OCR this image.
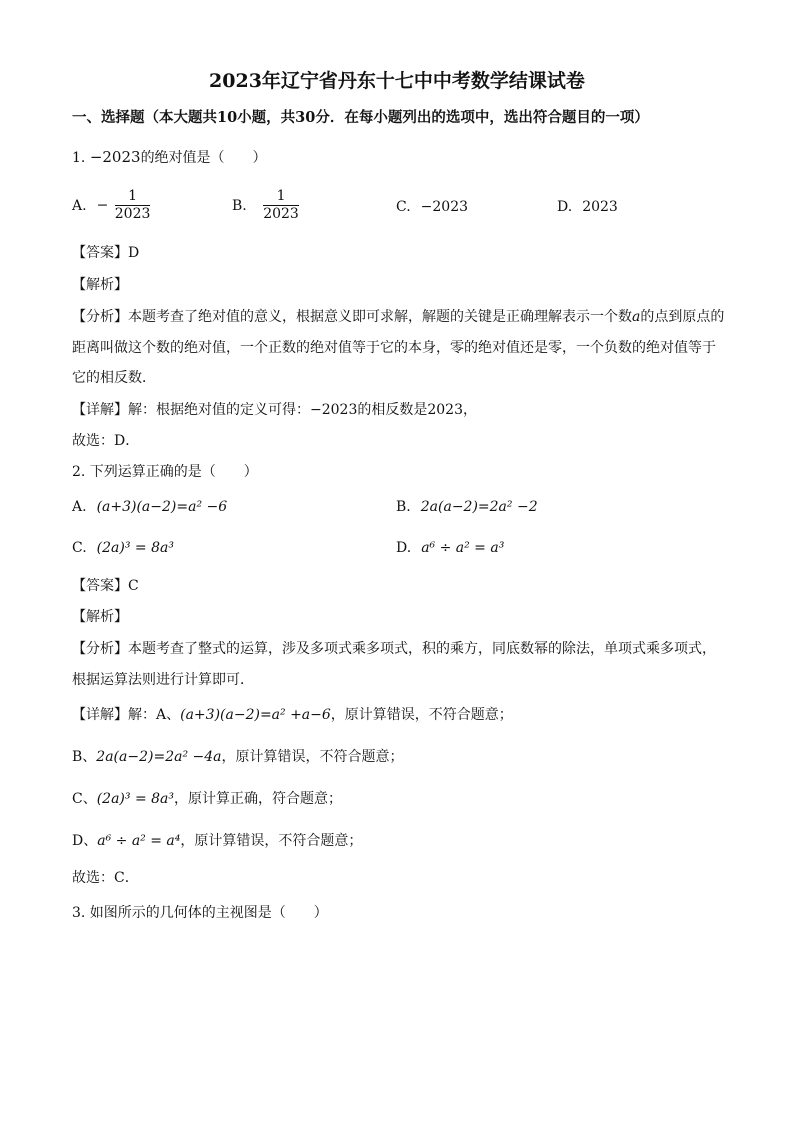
2023年辽宁省丹东十七中中考数学结课试卷
一、选择题（本大题共10小题，共30分．在每小题列出的选项中，选出符合题目的一项）
1. −2023的绝对值是（　　）
A. − $\frac{1}{2023}$	B. $\frac{1}{2023}$	C. −2023	D. 2023
【答案】D
【解析】
【分析】本题考查了绝对值的意义，根据意义即可求解，解题的关键是正确理解表示一个数a的点到原点的
距离叫做这个数的绝对值，一个正数的绝对值等于它的本身，零的绝对值还是零，一个负数的绝对值等于
它的相反数．
【详解】解：根据绝对值的定义可得：−2023的相反数是2023，
故选：D．
2. 下列运算正确的是（　　）
A. (a+3)(a−2)=a² −6	B. 2a(a−2)=2a² −2
C. (2a)³ = 8a³	D. a⁶ ÷ a² = a³
【答案】C
【解析】
【分析】本题考查了整式的运算，涉及多项式乘多项式，积的乘方，同底数幂的除法，单项式乘多项式，
根据运算法则进行计算即可．
【详解】解：A、(a+3)(a−2)=a² +a−6，原计算错误，不符合题意；
B、2a(a−2)=2a² −4a，原计算错误，不符合题意；
C、(2a)³ = 8a³，原计算正确，符合题意；
D、a⁶ ÷ a² = a⁴，原计算错误，不符合题意；
故选：C．
3. 如图所示的几何体的主视图是（　　）
